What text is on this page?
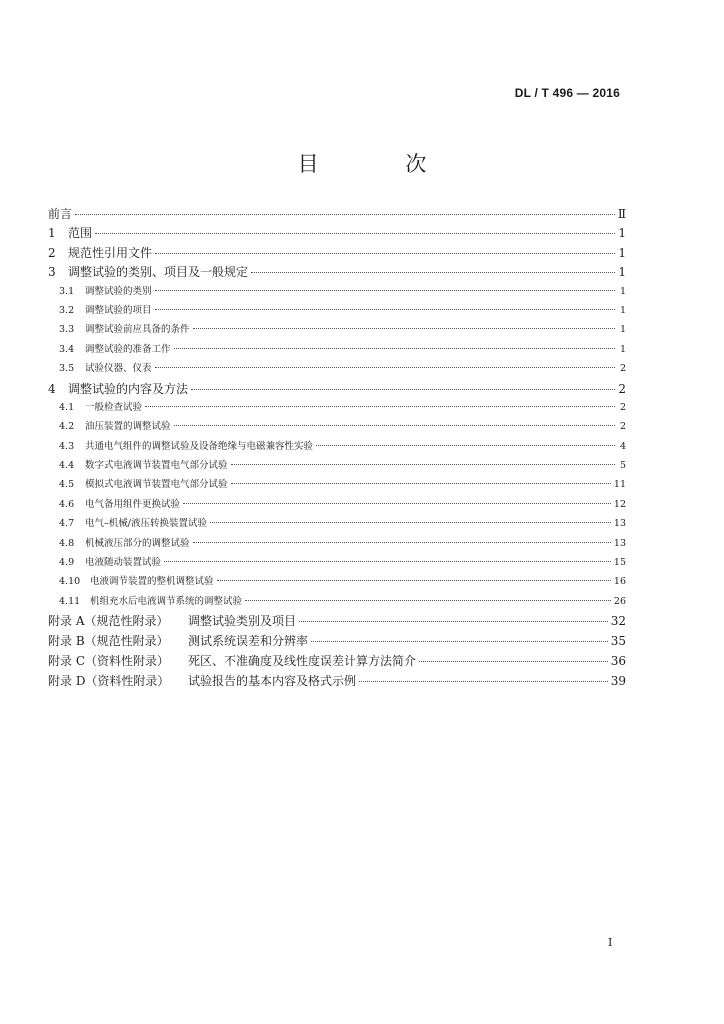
DL / T 496 — 2016
目 次
前言	Ⅱ
1	范围	1
2	规范性引用文件	1
3	调整试验的类别、项目及一般规定	1
3.1	调整试验的类别	1
3.2	调整试验的项目	1
3.3	调整试验前应具备的条件	1
3.4	调整试验的准备工作	1
3.5	试验仪器、仪表	2
4	调整试验的内容及方法	2
4.1	一般检查试验	2
4.2	油压装置的调整试验	2
4.3	共通电气组件的调整试验及设备绝缘与电磁兼容性实验	4
4.4	数字式电液调节装置电气部分试验	5
4.5	模拟式电液调节装置电气部分试验	11
4.6	电气备用组件更换试验	12
4.7	电气–机械/液压转换装置试验	13
4.8	机械液压部分的调整试验	13
4.9	电液随动装置试验	15
4.10	电液调节装置的整机调整试验	16
4.11	机组充水后电液调节系统的调整试验	26
附录 A（规范性附录）	调整试验类别及项目	32
附录 B（规范性附录）	测试系统误差和分辨率	35
附录 C（资料性附录）	死区、不准确度及线性度误差计算方法简介	36
附录 D（资料性附录）	试验报告的基本内容及格式示例	39
I
